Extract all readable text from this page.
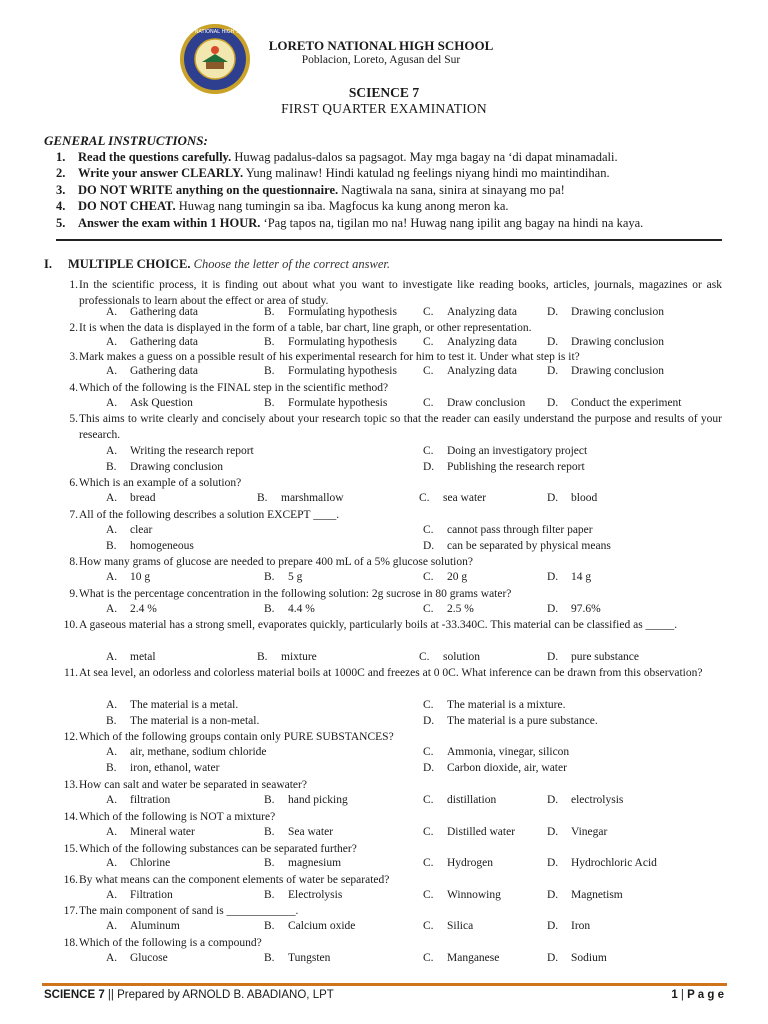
LORETO NATIONAL HIGH SCHOOL
LORETO NATIONAL HIGH SCHOOL
Poblacion, Loreto, Agusan del Sur
SCIENCE 7
FIRST QUARTER EXAMINATION
GENERAL INSTRUCTIONS:
1. Read the questions carefully. Huwag padalus-dalos sa pagsagot. May mga bagay na ‘di dapat minamadali.
2. Write your answer CLEARLY. Yung malinaw! Hindi katulad ng feelings niyang hindi mo maintindihan.
3. DO NOT WRITE anything on the questionnaire. Nagtiwala na sana, sinira at sinayang mo pa!
4. DO NOT CHEAT. Huwag nang tumingin sa iba. Magfocus ka kung anong meron ka.
5. Answer the exam within 1 HOUR. ‘Pag tapos na, tigilan mo na! Huwag nang ipilit ang bagay na hindi na kaya.
I. MULTIPLE CHOICE. Choose the letter of the correct answer.
1. In the scientific process, it is finding out about what you want to investigate like reading books, articles, journals, magazines or ask professionals to learn about the effect or area of study.
A. Gathering data	B. Formulating hypothesis C. Analyzing data	D. Drawing conclusion
2. It is when the data is displayed in the form of a table, bar chart, line graph, or other representation.
A. Gathering data	B. Formulating hypothesis C. Analyzing data	D. Drawing conclusion
3. Mark makes a guess on a possible result of his experimental research for him to test it. Under what step is it?
A. Gathering data	B. Formulating hypothesis C. Analyzing data	D. Drawing conclusion
4. Which of the following is the FINAL step in the scientific method?
A. Ask Question	B. Formulate hypothesis	C. Draw conclusion D. Conduct the experiment
5. This aims to write clearly and concisely about your research topic so that the reader can easily understand the purpose and results of your research.
A. Writing the research report	C. Doing an investigatory project
B. Drawing conclusion	D. Publishing the research report
6. Which is an example of a solution?
A. bread	B. marshmallow	C. sea water	D. blood
7. All of the following describes a solution EXCEPT ____.
A. clear	C. cannot pass through filter paper
B. homogeneous	D. can be separated by physical means
8. How many grams of glucose are needed to prepare 400 mL of a 5% glucose solution?
A. 10 g	B. 5 g	C. 20 g	D. 14 g
9. What is the percentage concentration in the following solution: 2g sucrose in 80 grams water?
A. 2.4 %	B. 4.4 %	C. 2.5 %	D. 97.6%
10. A gaseous material has a strong smell, evaporates quickly, particularly boils at -33.340C. This material can be classified as _____.
A. metal	B. mixture	C. solution	D. pure substance
11. At sea level, an odorless and colorless material boils at 1000C and freezes at 0 0C. What inference can be drawn from this observation?
A. The material is a metal.	C. The material is a mixture.
B. The material is a non-metal.	D. The material is a pure substance.
12. Which of the following groups contain only PURE SUBSTANCES?
A. air, methane, sodium chloride	C. Ammonia, vinegar, silicon
B. iron, ethanol, water	D. Carbon dioxide, air, water
13. How can salt and water be separated in seawater?
A. filtration	B. hand picking	C. distillation	D. electrolysis
14. Which of the following is NOT a mixture?
A. Mineral water	B. Sea water	C. Distilled water	D. Vinegar
15. Which of the following substances can be separated further?
A. Chlorine	B. magnesium	C. Hydrogen	D. Hydrochloric Acid
16. By what means can the component elements of water be separated?
A. Filtration	B. Electrolysis	C. Winnowing	D. Magnetism
17. The main component of sand is ____________.
A. Aluminum	B. Calcium oxide	C. Silica	D. Iron
18. Which of the following is a compound?
A. Glucose	B. Tungsten	C. Manganese	D. Sodium
SCIENCE 7 || Prepared by ARNOLD B. ABADIANO, LPT	1 | P a g e
